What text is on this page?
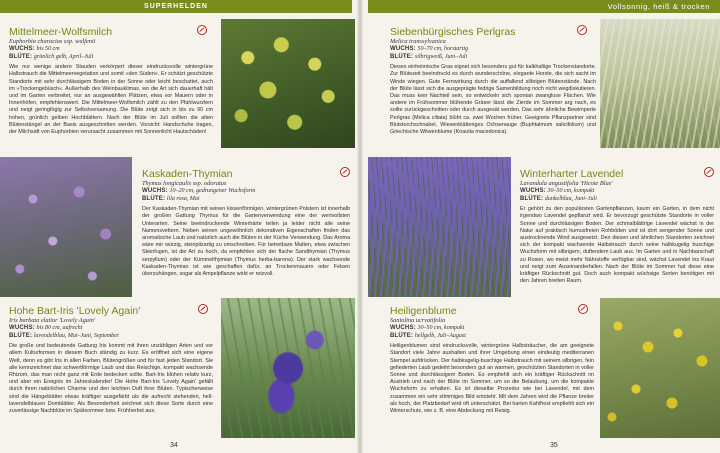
SUPERHELDEN
Mittelmeer-Wolfsmilch
Euphorbia characias ssp. wulfenii
WUCHS: bis 50 cm
BLÜTE: grünlich gelb, April–Juli
Wie nur wenige andere Stauden verkörpert dieser eindrucksvolle wintergrüne Halbstrauch die Mittelmeervegetation und somit »den Süden«. Er schätzt geschützte Standorte mit sehr durchlässigem Boden in der Sonne oder leicht beschattet, auch im »Trockengebüsch«. Außerhalb des Weinbauklimas, wo die Art sich dauerhaft hält und im Garten verbreitet, nur an ausgewählten Plätzen, etwa vor Mauern oder in Innenhöfen, empfehlenswert. Die Mittelmeer-Wolfsmilch zählt zu den Pfahlwurzlern und neigt geringfügig zur Selbstversamung. Die Blüte zeigt sich in bis zu 90 cm hohen, grünlich gelben Hochblättern. Nach der Blüte im Juli sollten die alten Blütenstängel an der Basis ausgeschnitten werden. Vorsicht: Handschuhe tragen, der Milchsaft von Euphorbien verursacht zusammen mit Sonnenlicht Hautschäden!
Kaskaden-Thymian
Thymus longicaulis ssp. odoratus
WUCHS: 10–20 cm, gedrungener Wuchsform
BLÜTE: lila rosa, Mai
Der Kaskaden-Thymian mit seinen kissenförmigen, wintergrünen Polstern ist innerhalb der großen Gattung Thymus für die Gartenverwendung eine der wertvollsten Unterarten. Seine beeindruckende Winterhärte teilen ja leider nicht alle seine Namensvettern. Neben seinen ungewöhnlich dekorativen Eigenschaften finden das aromatische Laub und natürlich auch die Blüten in der Küche Verwendung. Das Aroma wäre mir würzig, steinpilzartig zu umschreiben. Für betretbare Matten, etwa zwischen Steinfugen, ist die Art zu hoch, da empfehlen sich der flache Sandthymian (Thymus serpyllum) oder der Kümmelthymian (Thymus herba-barona). Der stark wachsende Kaskaden-Thymian ist wie geschaffen dafür, an Trockenmauern oder Felsen überzuhängen, sogar als Ampelpflanze wirkt er reizvoll.
Hohe Bart-Iris 'Lovely Again'
Iris barbata elatior 'Lovely Again'
WUCHS: bis 80 cm, aufrecht
BLÜTE: lavendelblau, Mai–Juni, September
Die große und bedeutende Gattung Iris kommt mit ihren unzähligen Arten und vor allem Kulturformen in diesem Buch ständig zu kurz. Es eröffnet sich eine eigene Welt, denn es gibt Iris in allen Farben, Blütengrößen und für fast jeden Standort. Sie alle kennzeichnet das schwertförmige Laub und das Reischige, kompakt wachsende Rhizom, das man nicht ganz mit Erde bedecken sollte. Bart-Iris blühen relativ kurz, und aber ein Ereignis im Jahreskalender! Die Hohe Bart-Iris 'Lovely Again' gefällt durch ihren natürlichen Charme und den leichten Duft ihrer Blüten. Typischerweise sind die Hängeblätter etwas kräftiger ausgefärbt als die aufrecht stehenden, hell-lavendelblauen Domblätter. Als Besonderheit zeichnet sich diese Sorte durch eine zuverlässige Nachblüte im Spätsommer bzw. Frühherbst aus.
34
Vollsonnig, heiß & trocken
Siebenbürgisches Perlgras
Melica transsylvanica
WUCHS: 50–70 cm, horstartig
BLÜTE: silbrigweiß, Juni–Juli
Dieses einheimische Gras eignet sich besonders gut für kalkhaltige Trockenstandorte. Zur Blütezeit beeindruckt es durch wunderschöne, elegante Horste, die sich sacht im Winde wiegen. Gute Fernwirkung durch die auffallend silbrigen Blütenstände. Nach der Blüte lässt sich die ausgeprägte fedrige Samenbildung noch nicht wegdiskutieren. Das muss kein Nachteil sein, so entwickeln sich spontan zwanglose Flächen. Wie andere im Frühsommer blühende Gräser lässt die Zierde im Sommer arg nach, es sollte zurückgeschnitten oder durch ausgesät werden. Das sehr ähnliche Bewimperte Perlgras (Melica ciliata) blüht ca. zwei Wochen früher. Geeignete Pflanzpartner sind Blutstorchschnabel, Wiesenblätteriges Ochsenauge (Buphtalmum salicifolium) und Griechische Witwenblume (Knautia macedonica).
Winterharter Lavendel
Lavandula angustifolia 'Hicote Blue'
WUCHS: 30–50 cm, kompakt
BLÜTE: dunkelblau, Juni–Juli
Er gehört zu den populärsten Gartenpflanzen, kaum ein Garten, in dem nicht irgendwo Lavendel gepflanzt wird. Er bevorzugt geschützte Standorte in voller Sonne und durchlässigen Boden. Der schmalblättrige Lavendel wächst in der Natur auf praktisch humusfreien Rohböden und ist dort sengender Sonne und austrocknende Wind ausgesetzt. Den diesen und ähnlichen Standorten zeichnet sich der kompakt wachsende Halbstrauch durch seine halbkugelig buschige Wuchsform mit silbrigem, duftendem Laub aus. Im Garten und in Nachbarschaft zu Rosen, wo meist mehr Nährstoffe verfügbar sind, wächst Lavendel ins Kraut und neigt zum Auseinanderfallen. Nach der Blüte im Sommer hat diese eine kräftiger Rückschnitt gut. Doch auch kompakt wüchsige Sorten benötigen mit den Jahren breiten Raum.
Heiligenblume
Santolina ucrvatifolia
WUCHS: 30–50 cm, kompakt
BLÜTE: hellgelb, Juli–August
Heiligenblumen sind eindrucksvolle, wintergrüne Halbsträucher, die am geeignete Standort viele Jahre aushalten und ihrer Umgebung einen eindeutig mediterranen Stempel aufdrücken. Der halbkugelig-buschige Halbstrauch mit seinem silbrigen, fein gefiederten Laub gedeiht besonders gut an warmen, geschützten Standorten in voller Sonne und durchlässigem Boden. Es empfiehlt sich ein kräftiger Rückschnitt im Austrieb und nach der Blüte im Sommer, um so die Belaubung, um die kompakte Wuchsform zu erhalten. Es ist dieselbe Prozedur wie bei Lavendel, mit dem zusammen ein sehr stimmiges Bild entsteht. Mit dem Jahren wird die Pflanze breiter als hoch, der Platzbedarf wird oft unterschätzt. Bei harten Kahlfrost empfiehlt sich ein Winterschutz, wie z. B. eine Abdeckung mit Reisig.
35
